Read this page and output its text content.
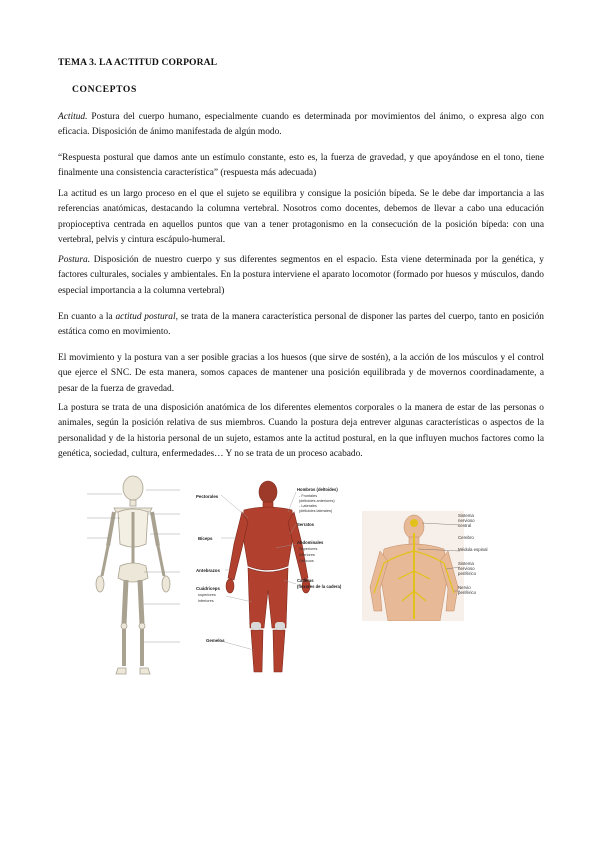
TEMA 3. LA ACTITUD CORPORAL
CONCEPTOS
Actitud. Postura del cuerpo humano, especialmente cuando es determinada por movimientos del ánimo, o expresa algo con eficacia. Disposición de ánimo manifestada de algún modo.
“Respuesta postural que damos ante un estímulo constante, esto es, la fuerza de gravedad, y que apoyándose en el tono, tiene finalmente una consistencia característica” (respuesta más adecuada)
La actitud es un largo proceso en el que el sujeto se equilibra y consigue la posición bípeda. Se le debe dar importancia a las referencias anatómicas, destacando la columna vertebral. Nosotros como docentes, debemos de llevar a cabo una educación propioceptiva centrada en aquellos puntos que van a tener protagonismo en la consecución de la posición bípeda: con una vertebral, pelvis y cintura escápulo-humeral.
Postura. Disposición de nuestro cuerpo y sus diferentes segmentos en el espacio. Esta viene determinada por la genética, y factores culturales, sociales y ambientales. En la postura interviene el aparato locomotor (formado por huesos y músculos, dando especial importancia a la columna vertebral)
En cuanto a la actitud postural, se trata de la manera característica personal de disponer las partes del cuerpo, tanto en posición estática como en movimiento.
El movimiento y la postura van a ser posible gracias a los huesos (que sirve de sostén), a la acción de los músculos y el control que ejerce el SNC. De esta manera, somos capaces de mantener una posición equilibrada y de movernos coordinadamente, a pesar de la fuerza de gravedad.
La postura se trata de una disposición anatómica de los diferentes elementos corporales o la manera de estar de las personas o animales, según la posición relativa de sus miembros. Cuando la postura deja entrever algunas características o aspectos de la personalidad y de la historia personal de un sujeto, estamos ante la actitud postural, en la que influyen muchos factores como la genética, sociedad, cultura, enfermedades… Y no se trata de un proceso acabado.
Pectorales
Bíceps
Antebrazos
Cuádriceps
superiores
inferiores
Gemelos
Hombros (deltoides)
- Frontales
(deltoides anteriores)
- Laterales
(deltoides laterales)
Serratos
Abdominales
Superiores
Inferiores
Oblicuos
Caderas
(flexores de la cadera)
Sistema
nervioso
central
Cerebro
Médula espinal
Sistema
nervioso
periférico
Nervio
periférico
